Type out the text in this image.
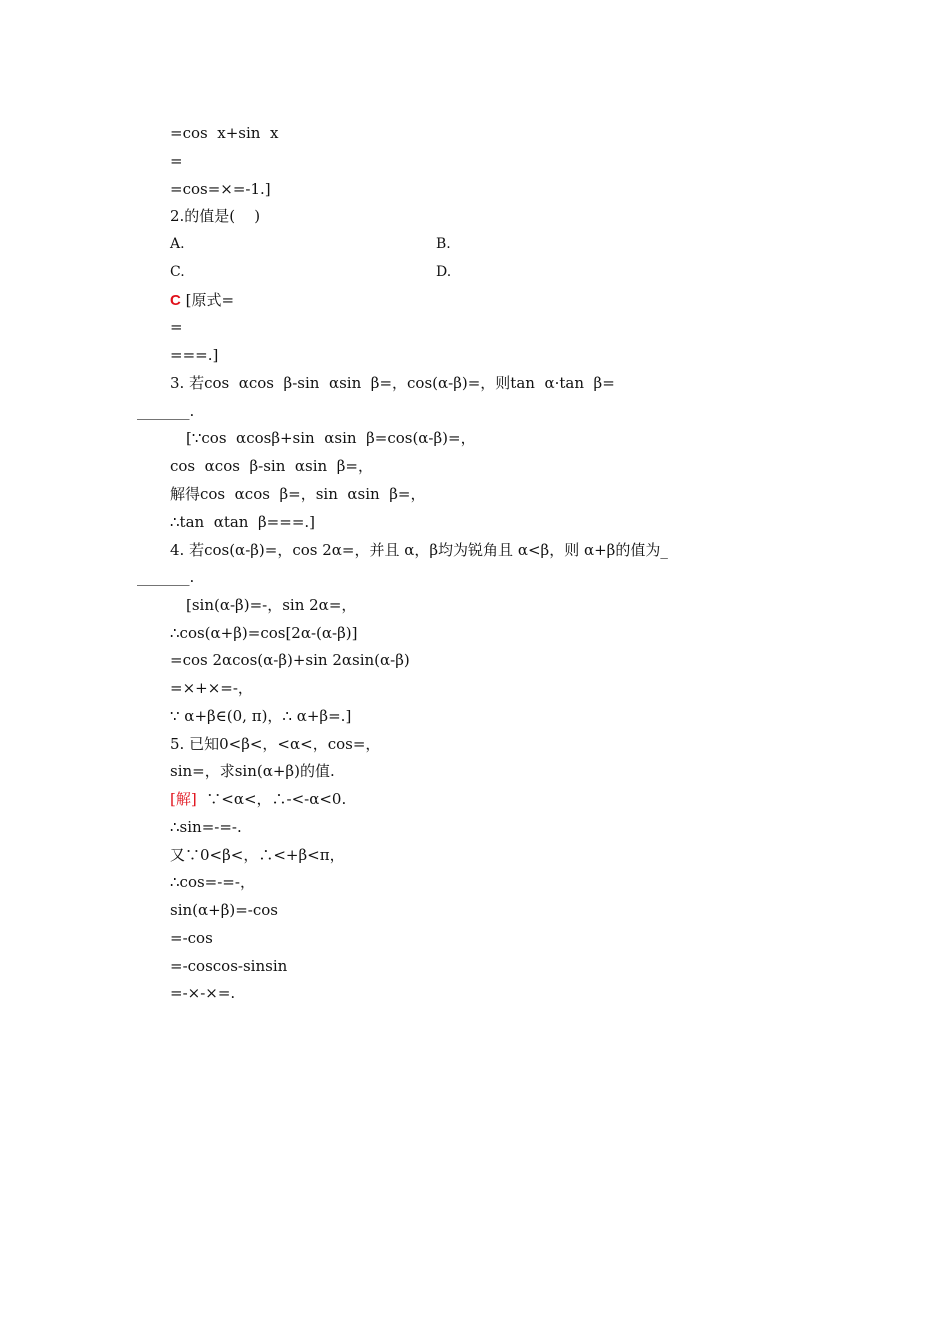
=cos  x+sin  x
=
=cos=×=-1.]
2.的值是(    )
A.	B.
C.	D.
C [原式=
=
===.]
3. 若cos  αcos  β-sin  αsin  β=，cos(α-β)=，则tan  α·tan  β=
_______.
[∵cos  αcosβ+sin  αsin  β=cos(α-β)=，
cos  αcos  β-sin  αsin  β=，
解得cos  αcos  β=，sin  αsin  β=，
∴tan  αtan  β===.]
4. 若cos(α-β)=，cos 2α=，并且 α，β均为锐角且 α<β，则 α+β的值为_
_______.
[sin(α-β)=-，sin 2α=，
∴cos(α+β)=cos[2α-(α-β)]
=cos 2αcos(α-β)+sin 2αsin(α-β)
=×+×=-，
∵ α+β∈(0, π)，∴ α+β=.]
5. 已知0<β<，<α<，cos=，
sin=，求sin(α+β)的值.
[解]  ∵<α<，∴-<-α<0.
∴sin=-=-.
又∵0<β<，∴<+β<π，
∴cos=-=-，
sin(α+β)=-cos
=-cos
=-coscos-sinsin
=-×-×=.
